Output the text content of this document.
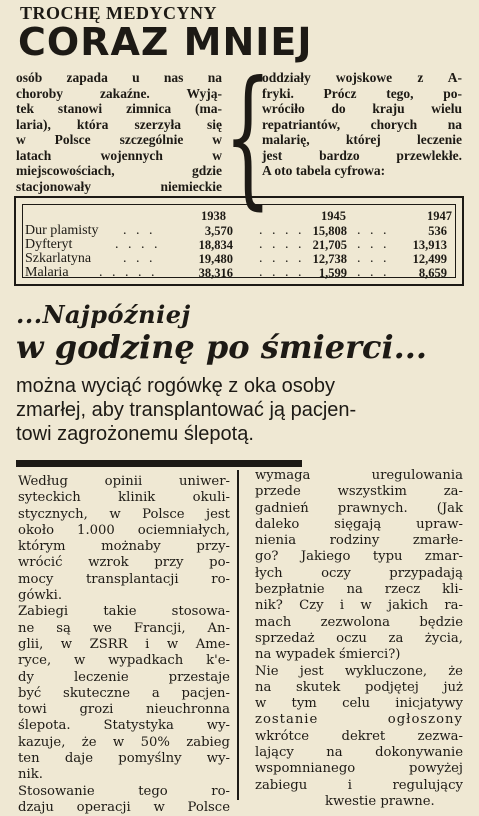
TROCHĘ MEDYCYNY
CORAZ MNIEJ
osób zapada u nas na
choroby zakaźne. Wyją-
tek stanowi zimnica (ma-
laria), która szerzyła się
w Polsce szczególnie w
latach wojennych w
miejscowościach, gdzie
stacjonowały niemieckie {
oddziały wojskowe z A-
fryki. Prócz tego, po-
wróciło do kraju wielu
repatriantów, chorych na
malarię, której leczenie
jest bardzo przewlekłe.
A oto tabela cyfrowa:
1938	1945	1947
Dur plamisty . . .	3,570 . . . . 15,808 . . .	536
Dyfteryt	. . . .	18,834 . . . . 21,705 . . . 13,913
Szkarlatyna . . .	19,480 . . . . 12,738 . . . 12,499
Malaria . . . . .	38,316 . . . . 1,599 . . . 8,659
...Najpóźniej
w godzinę po śmierci...
można wyciąć rogówkę z oka osoby
zmarłej, aby transplantować ją pacjen-
towi zagrożonemu ślepotą.
Według opinii uniwer-
syteckich klinik okuli-
stycznych, w Polsce jest
około 1.000 ociemniałych,
którym możnaby przy-
wrócić wzrok przy po-
mocy transplantacji ro-
gówki.
Zabiegi takie stosowa-
ne są we Francji, An-
glii, w ZSRR i w Ame-
ryce, w wypadkach k'e-
dy leczenie przestaje
być skuteczne a pacjen-
towi grozi nieuchronna
ślepota. Statystyka wy-
kazuje, że w 50% zabieg
ten daje pomyślny wy-
nik.
Stosowanie tego ro-
dzaju operacji w Polsce
wymaga uregulowania
przede wszystkim za-
gadnień prawnych. (Jak
daleko sięgają upraw-
nienia rodziny zmarłe-
go? Jakiego typu zmar-
łych oczy przypadają
bezpłatnie na rzecz kli-
nik? Czy i w jakich ra-
mach zezwolona będzie
sprzedaż oczu za życia,
na wypadek śmierci?)
Nie jest wykluczone, że
na skutek podjętej już
w tym celu inicjatywy
zostanie ogłoszony
wkrótce dekret zezwa-
lający na dokonywanie
wspomnianego powyżej
zabiegu i regulujący
kwestie prawne.
